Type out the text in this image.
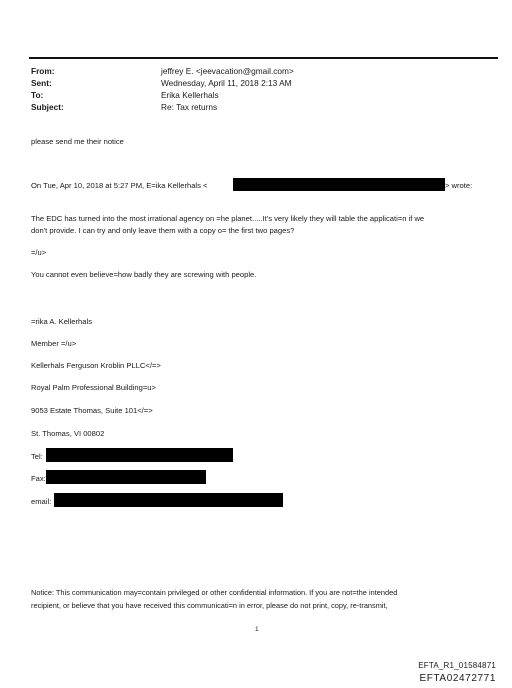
From:	jeffrey E. <jeevacation@gmail.com>
Sent:	Wednesday, April 11, 2018 2:13 AM
To:	Erika Kellerhals
Subject:	Re: Tax returns
please send me their notice
On Tue, Apr 10, 2018 at 5:27 PM, E=ika Kellerhals <	> wrote:
The EDC has turned into the most irrational agency on =he planet.....It's very likely they will table the applicati=n if we
don't provide. I can try and only leave them with a copy o= the first two pages?
=/u>
You cannot even believe=how badly they are screwing with people.
=rika A. Kellerhals
Member =/u>
Kellerhals Ferguson Kroblin PLLC</=>
Royal Palm Professional Building=u>
9053 Estate Thomas, Suite 101</=>
St. Thomas, VI 00802
Tel:
Fax:
email:
Notice: This communication may=contain privileged or other confidential information. If you are not=the intended
recipient, or believe that you have received this communicati=n in error, please do not print, copy, re-transmit,
1
EFTA_R1_01584871
EFTA02472771
